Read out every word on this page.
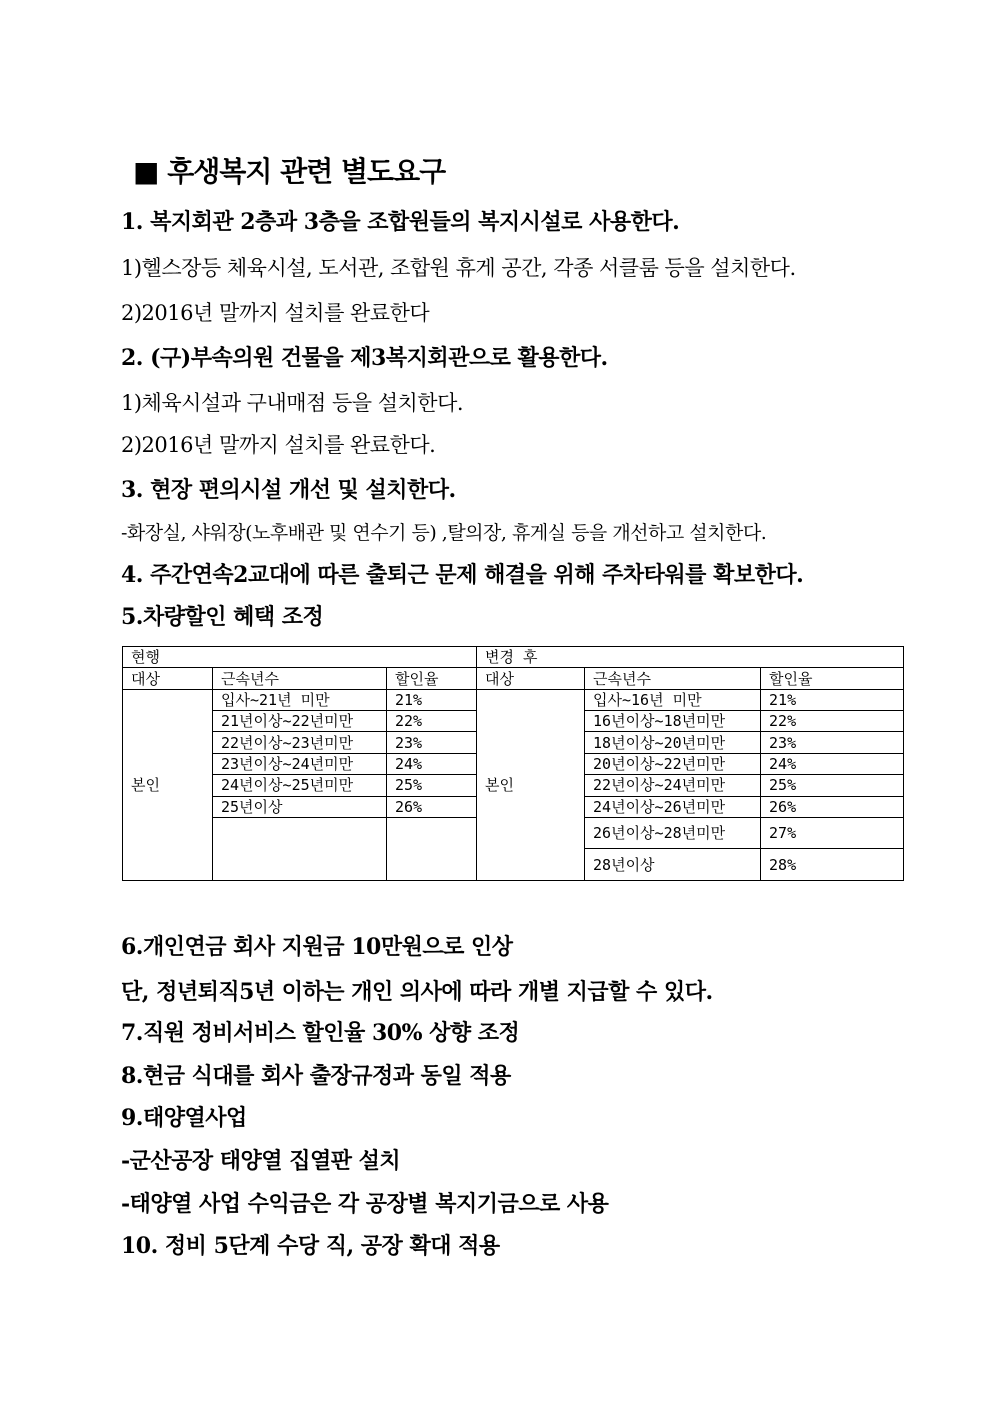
■ 후생복지 관련 별도요구
1. 복지회관 2층과 3층을 조합원들의 복지시설로 사용한다.
1)헬스장등 체육시설, 도서관, 조합원 휴게 공간, 각종 서클룸 등을 설치한다.
2)2016년 말까지 설치를 완료한다
2. (구)부속의원 건물을 제3복지회관으로 활용한다.
1)체육시설과 구내매점 등을 설치한다.
2)2016년 말까지 설치를 완료한다.
3. 현장 편의시설 개선 및 설치한다.
-화장실, 샤워장(노후배관 및 연수기 등) ,탈의장, 휴게실 등을 개선하고 설치한다.
4. 주간연속2교대에 따른 출퇴근 문제 해결을 위해 주차타워를 확보한다.
5.차량할인 혜택 조정
현행			변경 후		
대상	근속년수	할인율	대상	근속년수	할인율
본인	입사~21년 미만	21%	본인	입사~16년 미만	21%
	21년이상~22년미만	22%		16년이상~18년미만	22%
	22년이상~23년미만	23%		18년이상~20년미만	23%
	23년이상~24년미만	24%		20년이상~22년미만	24%
	24년이상~25년미만	25%		22년이상~24년미만	25%
	25년이상	26%		24년이상~26년미만	26%
				26년이상~28년미만	27%
				28년이상	28%
6.개인연금 회사 지원금 10만원으로 인상
단, 정년퇴직5년 이하는 개인 의사에 따라 개별 지급할 수 있다.
7.직원 정비서비스 할인율 30% 상향 조정
8.현금 식대를 회사 출장규정과 동일 적용
9.태양열사업
-군산공장 태양열 집열판 설치
-태양열 사업 수익금은 각 공장별 복지기금으로 사용
10. 정비 5단계 수당 직, 공장 확대 적용
